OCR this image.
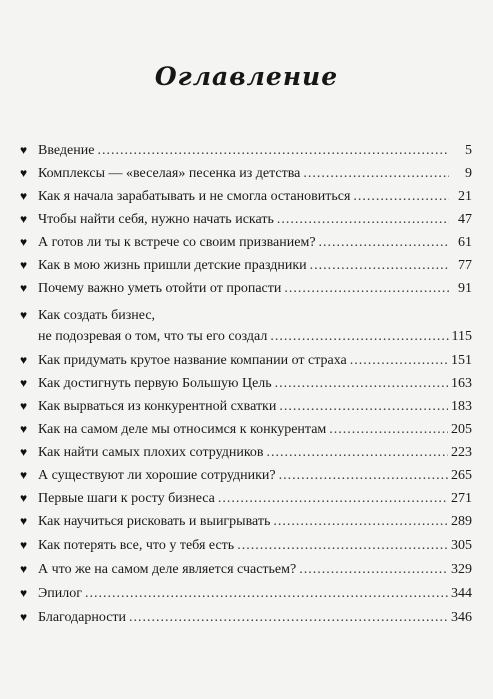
Оглавление
♥ Введение .....	5
♥ Комплексы — «веселая» песенка из детства .....	9
♥ Как я начала зарабатывать и не смогла остановиться .....	21
♥ Чтобы найти себя, нужно начать искать .....	47
♥ А готов ли ты к встрече со своим призванием? .....	61
♥ Как в мою жизнь пришли детские праздники .....	77
♥ Почему важно уметь отойти от пропасти .....	91
♥ Как создать бизнес,
не подозревая о том, что ты его создал .....	115
♥ Как придумать крутое название компании от страха .....	151
♥ Как достигнуть первую Большую Цель .....	163
♥ Как вырваться из конкурентной схватки .....	183
♥ Как на самом деле мы относимся к конкурентам .....	205
♥ Как найти самых плохих сотрудников .....	223
♥ А существуют ли хорошие сотрудники? .....	265
♥ Первые шаги к росту бизнеса .....	271
♥ Как научиться рисковать и выигрывать .....	289
♥ Как потерять все, что у тебя есть .....	305
♥ А что же на самом деле является счастьем? .....	329
♥ Эпилог .....	344
♥ Благодарности .....	346
